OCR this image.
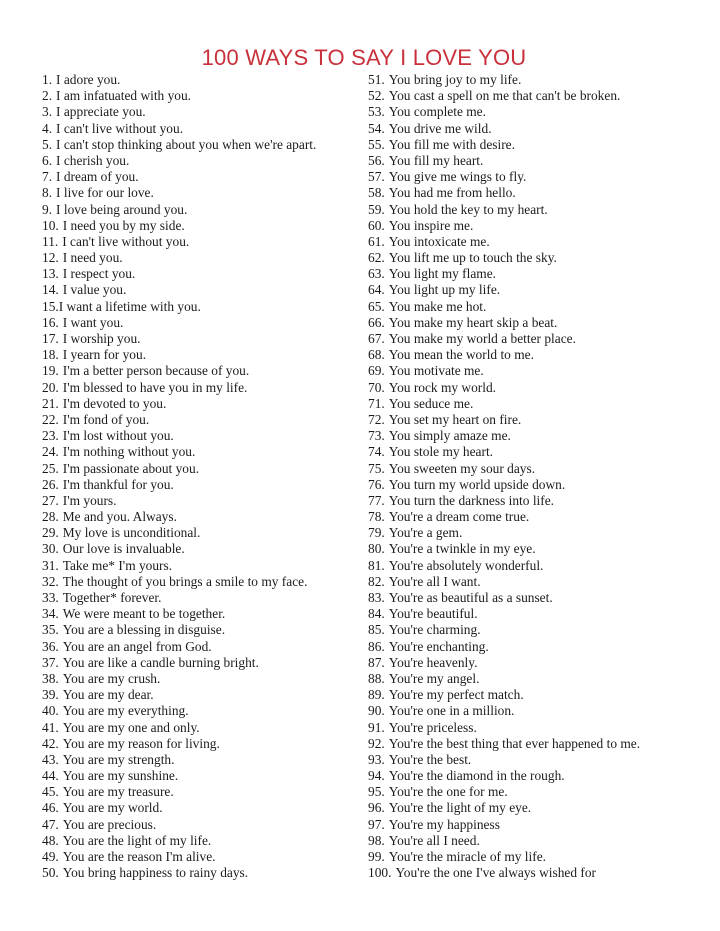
100 WAYS TO SAY I LOVE YOU
1. I adore you.
2. I am infatuated with you.
3. I appreciate you.
4. I can't live without you.
5. I can't stop thinking about you when we're apart.
6. I cherish you.
7. I dream of you.
8. I live for our love.
9. I love being around you.
10. I need you by my side.
11. I can't live without you.
12. I need you.
13. I respect you.
14. I value you.
15.I want a lifetime with you.
16. I want you.
17. I worship you.
18. I yearn for you.
19. I'm a better person because of you.
20. I'm blessed to have you in my life.
21. I'm devoted to you.
22. I'm fond of you.
23. I'm lost without you.
24. I'm nothing without you.
25. I'm passionate about you.
26. I'm thankful for you.
27. I'm yours.
28. Me and you. Always.
29. My love is unconditional.
30. Our love is invaluable.
31. Take me* I'm yours.
32. The thought of you brings a smile to my face.
33. Together* forever.
34. We were meant to be together.
35. You are a blessing in disguise.
36. You are an angel from God.
37. You are like a candle burning bright.
38. You are my crush.
39. You are my dear.
40. You are my everything.
41. You are my one and only.
42. You are my reason for living.
43. You are my strength.
44. You are my sunshine.
45. You are my treasure.
46. You are my world.
47. You are precious.
48. You are the light of my life.
49. You are the reason I'm alive.
50. You bring happiness to rainy days.
51. You bring joy to my life.
52. You cast a spell on me that can't be broken.
53. You complete me.
54. You drive me wild.
55. You fill me with desire.
56. You fill my heart.
57. You give me wings to fly.
58. You had me from hello.
59. You hold the key to my heart.
60. You inspire me.
61. You intoxicate me.
62. You lift me up to touch the sky.
63. You light my flame.
64. You light up my life.
65. You make me hot.
66. You make my heart skip a beat.
67. You make my world a better place.
68. You mean the world to me.
69. You motivate me.
70. You rock my world.
71. You seduce me.
72. You set my heart on fire.
73. You simply amaze me.
74. You stole my heart.
75. You sweeten my sour days.
76. You turn my world upside down.
77. You turn the darkness into life.
78. You're a dream come true.
79. You're a gem.
80. You're a twinkle in my eye.
81. You're absolutely wonderful.
82. You're all I want.
83. You're as beautiful as a sunset.
84. You're beautiful.
85. You're charming.
86. You're enchanting.
87. You're heavenly.
88. You're my angel.
89. You're my perfect match.
90. You're one in a million.
91. You're priceless.
92. You're the best thing that ever happened to me.
93. You're the best.
94. You're the diamond in the rough.
95. You're the one for me.
96. You're the light of my eye.
97. You're my happiness
98. You're all I need.
99. You're the miracle of my life.
100. You're the one I've always wished for
